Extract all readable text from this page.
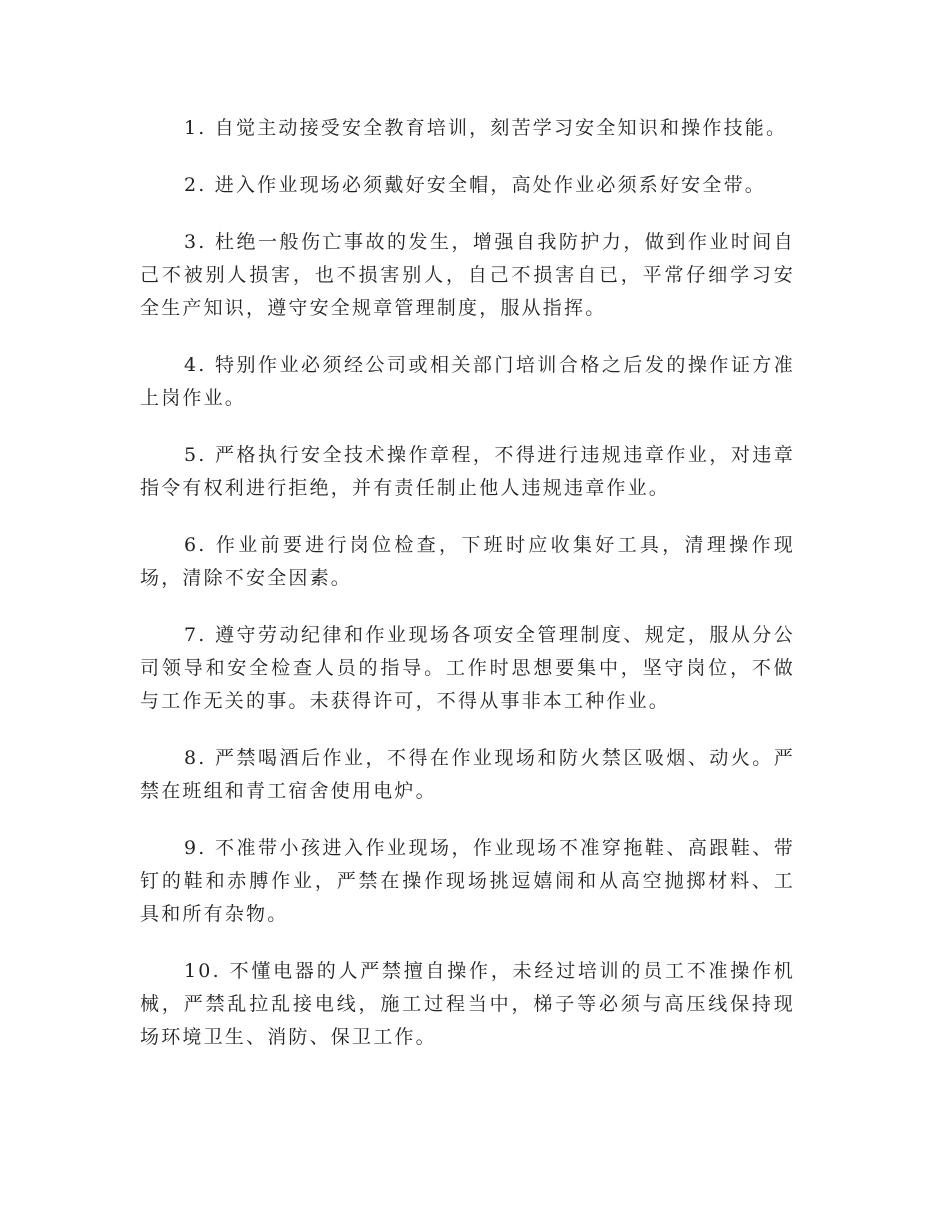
1. 自觉主动接受安全教育培训，刻苦学习安全知识和操作技能。

2. 进入作业现场必须戴好安全帽，高处作业必须系好安全带。

3. 杜绝一般伤亡事故的发生，增强自我防护力，做到作业时间自己不被别人损害，也不损害别人，自己不损害自已，平常仔细学习安全生产知识，遵守安全规章管理制度，服从指挥。

4. 特别作业必须经公司或相关部门培训合格之后发的操作证方准上岗作业。

5. 严格执行安全技术操作章程，不得进行违规违章作业，对违章指令有权利进行拒绝，并有责任制止他人违规违章作业。

6. 作业前要进行岗位检查，下班时应收集好工具，清理操作现场，清除不安全因素。

7. 遵守劳动纪律和作业现场各项安全管理制度、规定，服从分公司领导和安全检查人员的指导。工作时思想要集中，坚守岗位，不做与工作无关的事。未获得许可，不得从事非本工种作业。

8. 严禁喝酒后作业，不得在作业现场和防火禁区吸烟、动火。严禁在班组和青工宿舍使用电炉。

9. 不准带小孩进入作业现场，作业现场不准穿拖鞋、高跟鞋、带钉的鞋和赤膊作业，严禁在操作现场挑逗嬉闹和从高空抛掷材料、工具和所有杂物。

10. 不懂电器的人严禁擅自操作，未经过培训的员工不准操作机械，严禁乱拉乱接电线，施工过程当中，梯子等必须与高压线保持现场环境卫生、消防、保卫工作。
